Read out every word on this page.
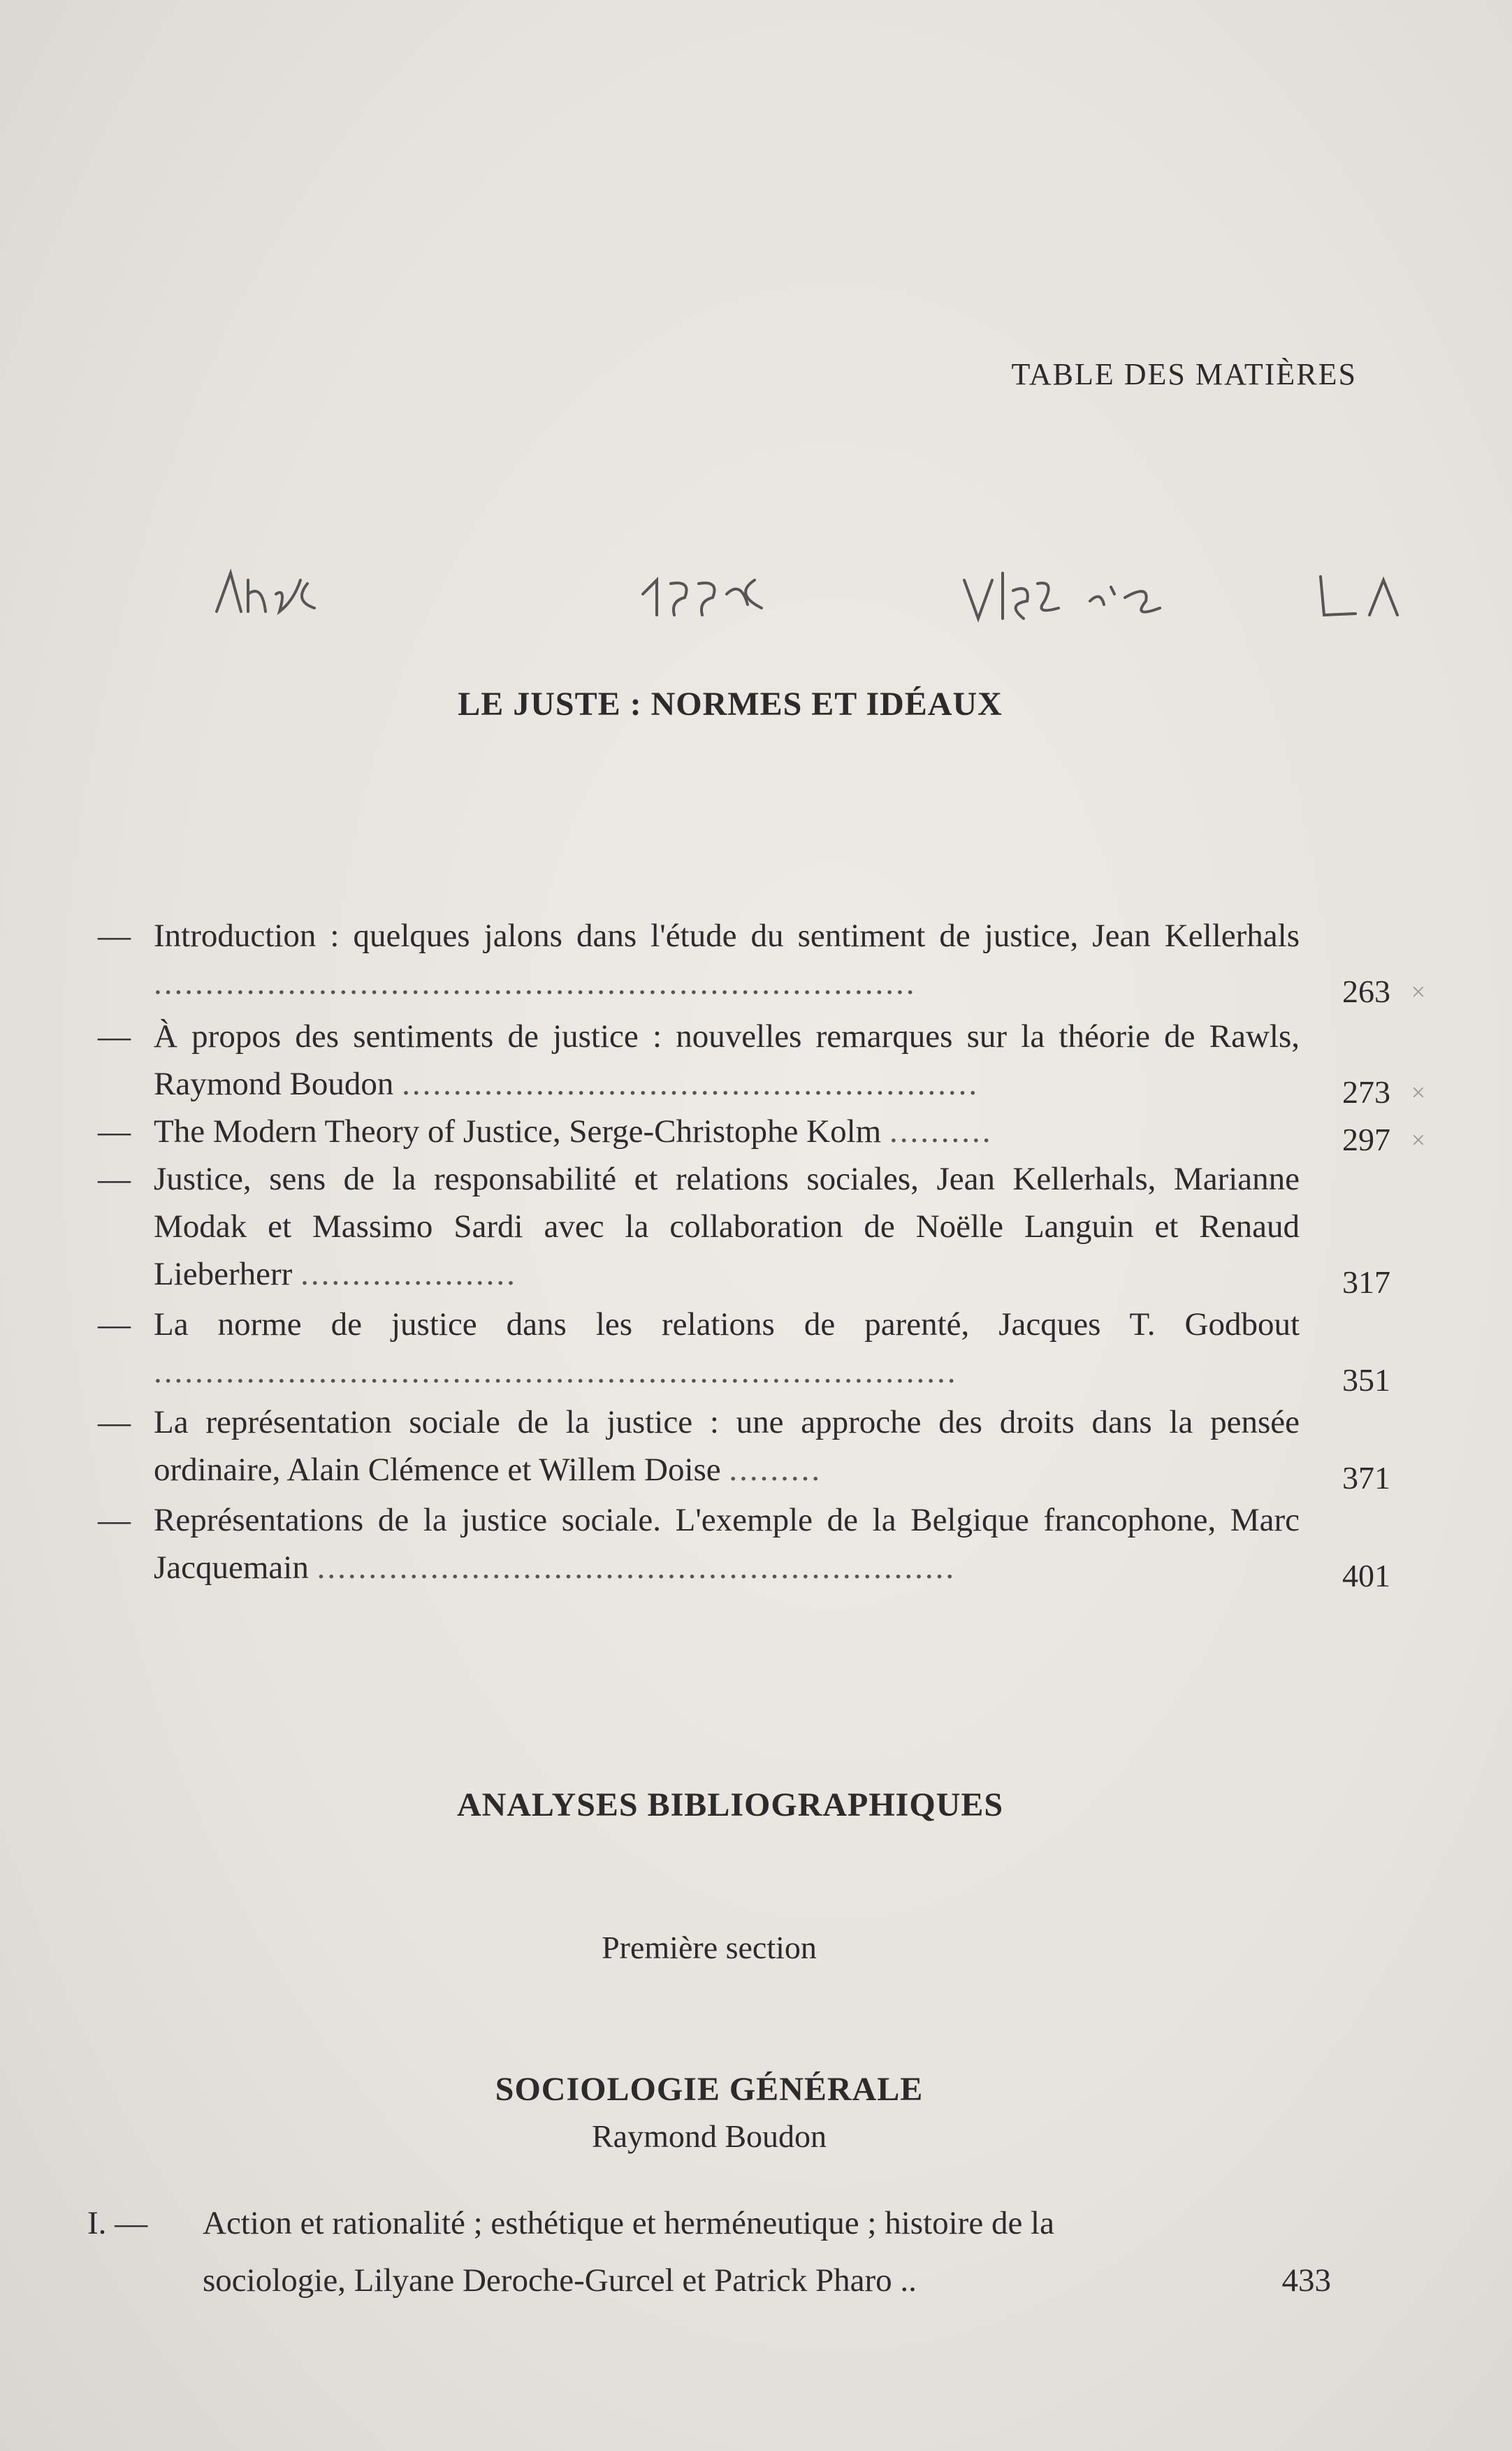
TABLE DES MATIÈRES
LE JUSTE : NORMES ET IDÉAUX
— Introduction : quelques jalons dans l'étude du sentiment de justice, Jean Kellerhals ..........................................................................	263 ×
— À propos des sentiments de justice : nouvelles remarques sur la théorie de Rawls, Raymond Boudon ........................................................	273 ×
— The Modern Theory of Justice, Serge-Christophe Kolm ..........	297 ×
— Justice, sens de la responsabilité et relations sociales, Jean Kellerhals, Marianne Modak et Massimo Sardi avec la collaboration de Noëlle Languin et Renaud Lieberherr .....................	317
— La norme de justice dans les relations de parenté, Jacques T. Godbout ..............................................................................	351
— La représentation sociale de la justice : une approche des droits dans la pensée ordinaire, Alain Clémence et Willem Doise .........	371
— Représentations de la justice sociale. L'exemple de la Belgique francophone, Marc Jacquemain ..............................................................	401
ANALYSES BIBLIOGRAPHIQUES
Première section
SOCIOLOGIE GÉNÉRALE
Raymond Boudon
I. — Action et rationalité ; esthétique et herméneutique ; histoire de la sociologie, Lilyane Deroche-Gurcel et Patrick Pharo ..	433
